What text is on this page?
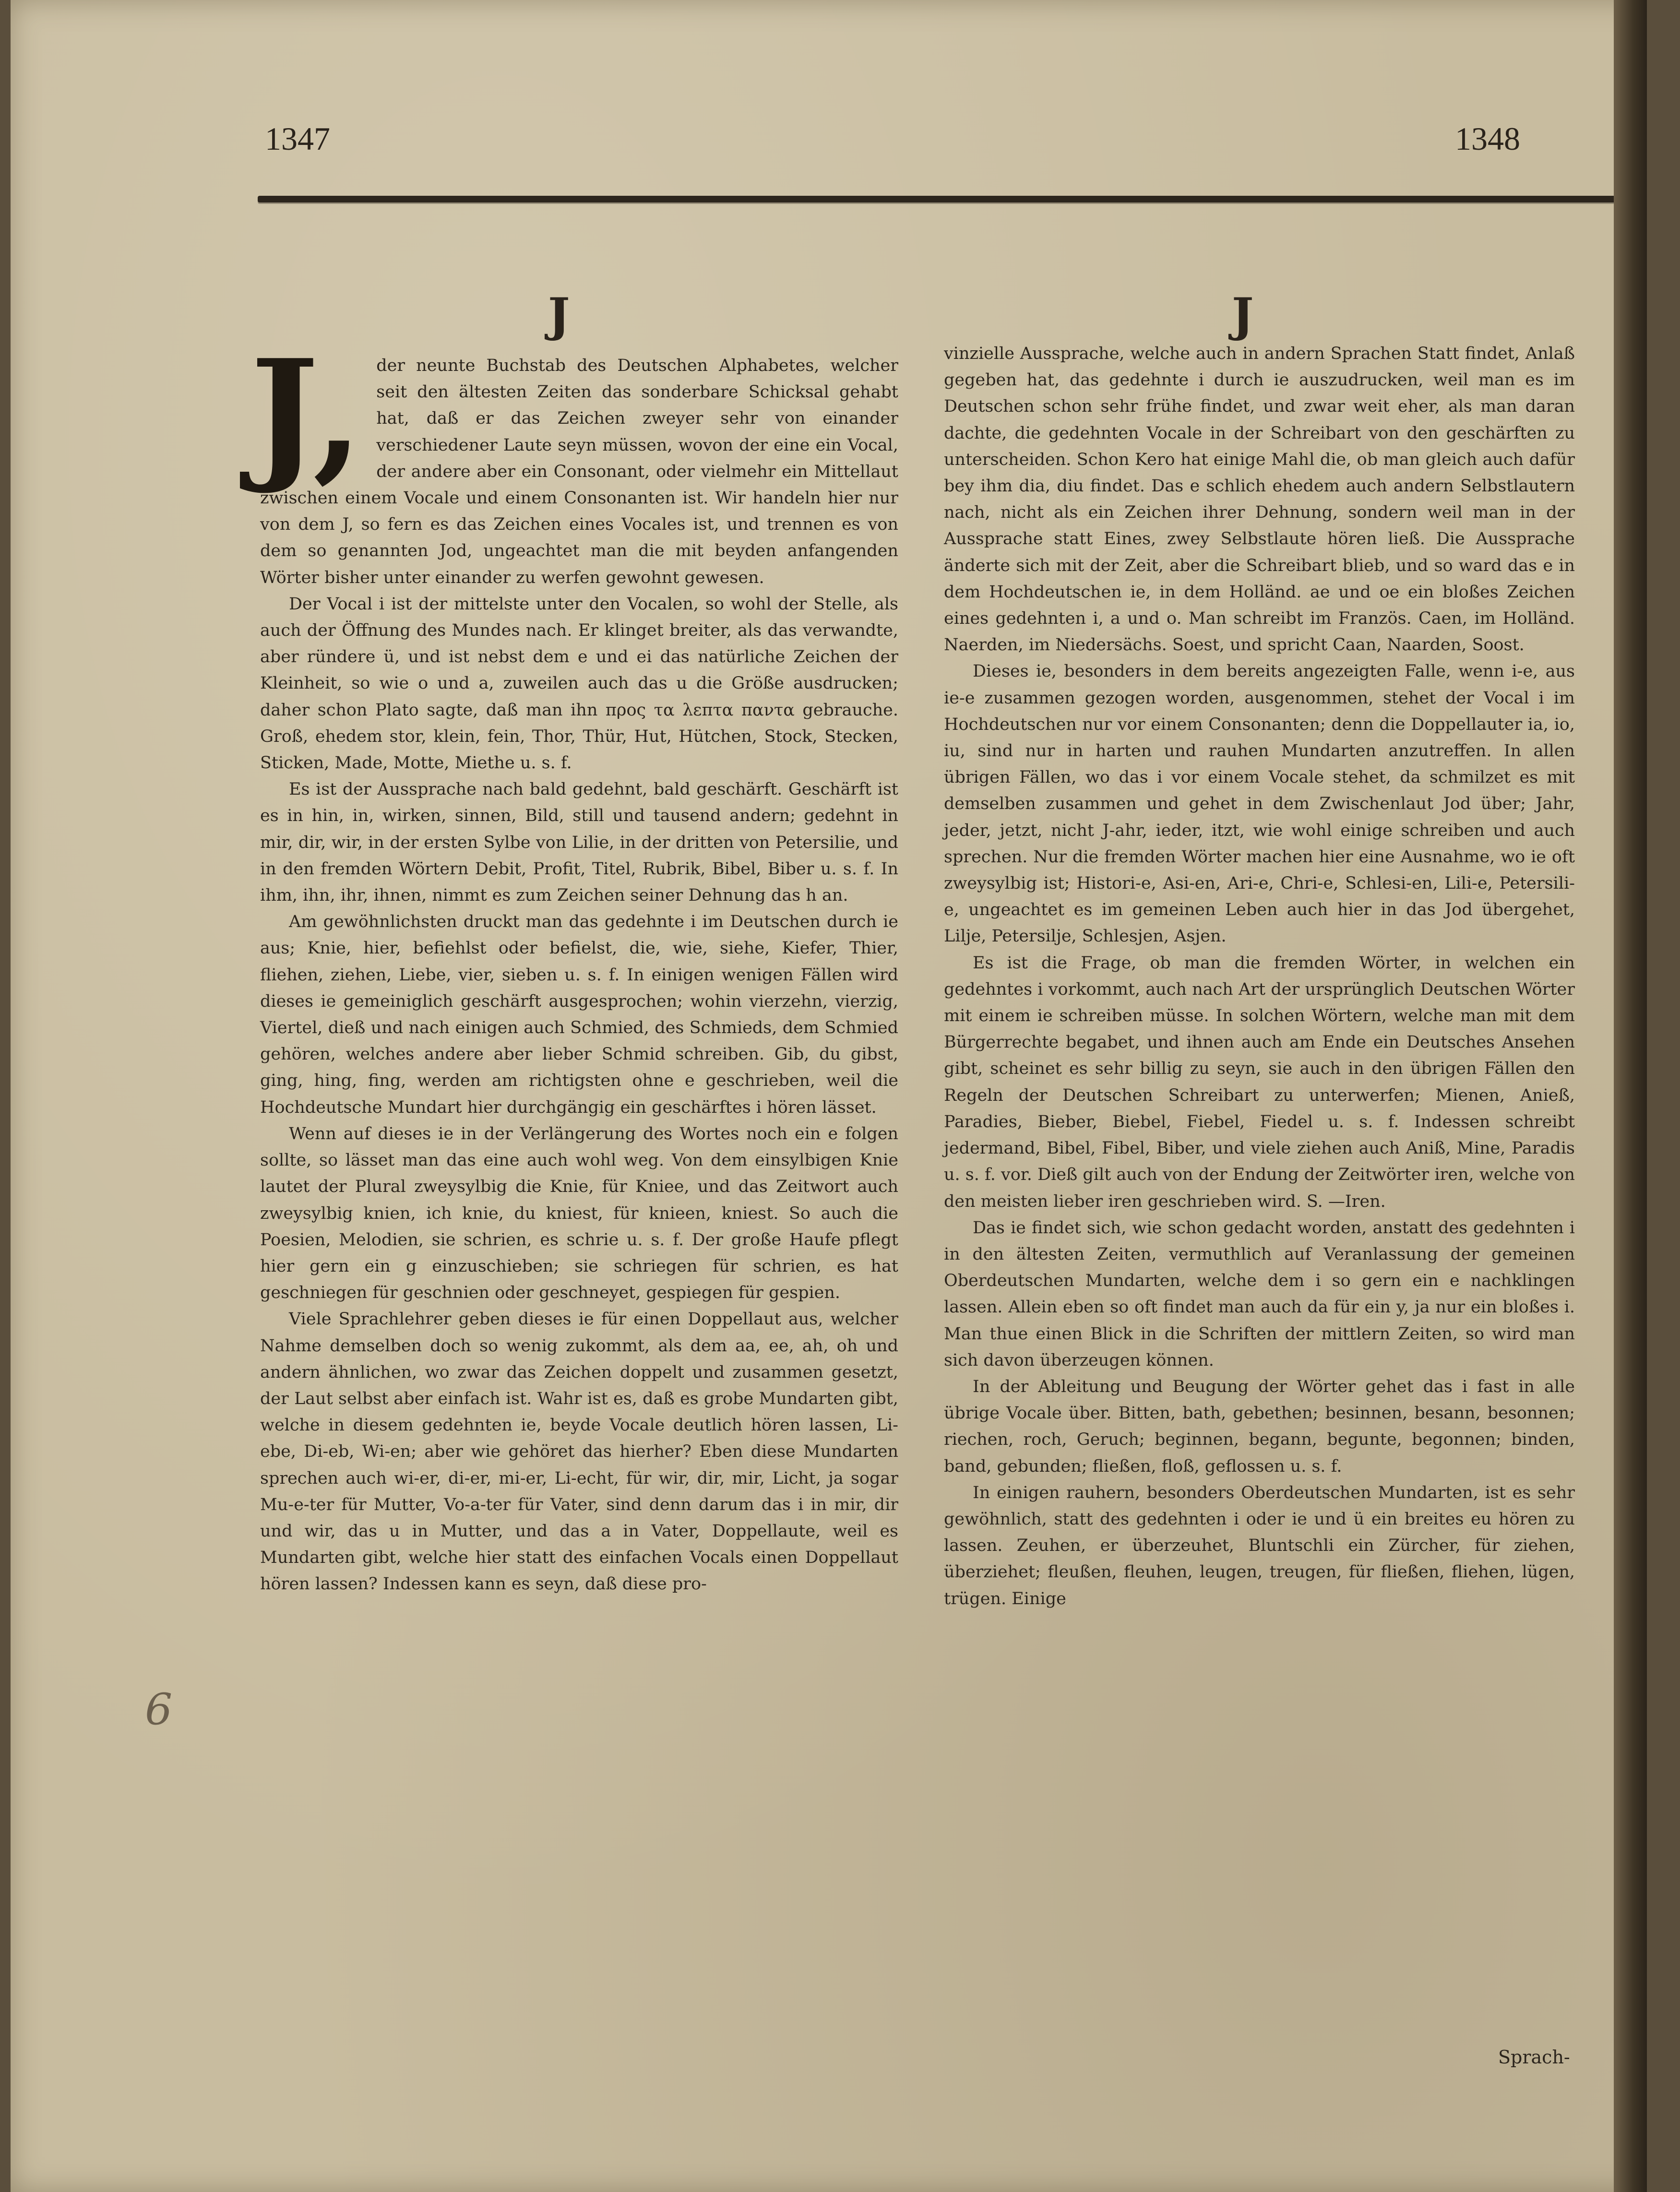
1347	1348
J	J

J, der neunte Buchstab des Deutschen Alphabetes, welcher seit den ältesten Zeiten das sonderbare Schicksal gehabt hat, daß er das Zeichen zweyer sehr von einander verschiedener Laute seyn müssen, wovon der eine ein Vocal, der andere aber ein Consonant, oder vielmehr ein Mittellaut zwischen einem Vocale und einem Consonanten ist. Wir handeln hier nur von dem J, so fern es das Zeichen eines Vocales ist, und trennen es von dem so genannten Jod, ungeachtet man die mit beyden anfangenden Wörter bisher unter einander zu werfen gewohnt gewesen.

Der Vocal i ist der mittelste unter den Vocalen, so wohl der Stelle, als auch der Öffnung des Mundes nach. Er klinget breiter, als das verwandte, aber ründere ü, und ist nebst dem e und ei das natürliche Zeichen der Kleinheit, so wie o und a, zuweilen auch das u die Größe ausdrucken; daher schon Plato sagte, daß man ihn προς τα λεπτα παντα gebrauche. Groß, ehedem stor, klein, fein, Thor, Thür, Hut, Hütchen, Stock, Stecken, Sticken, Made, Motte, Miethe u. s. f.

Es ist der Aussprache nach bald gedehnt, bald geschärft. Geschärft ist es in hin, in, wirken, sinnen, Bild, still und tausend andern; gedehnt in mir, dir, wir, in der ersten Sylbe von Lilie, in der dritten von Petersilie, und in den fremden Wörtern Debit, Profit, Titel, Rubrik, Bibel, Biber u. s. f. In ihm, ihn, ihr, ihnen, nimmt es zum Zeichen seiner Dehnung das h an.

Am gewöhnlichsten druckt man das gedehnte i im Deutschen durch ie aus; Knie, hier, befiehlst oder befielst, die, wie, siehe, Kiefer, Thier, fliehen, ziehen, Liebe, vier, sieben u. s. f. In einigen wenigen Fällen wird dieses ie gemeiniglich geschärft ausgesprochen; wohin vierzehn, vierzig, Viertel, dieß und nach einigen auch Schmied, des Schmieds, dem Schmied gehören, welches andere aber lieber Schmid schreiben. Gib, du gibst, ging, hing, fing, werden am richtigsten ohne e geschrieben, weil die Hochdeutsche Mundart hier durchgängig ein geschärftes i hören lässet.

Wenn auf dieses ie in der Verlängerung des Wortes noch ein e folgen sollte, so lässet man das eine auch wohl weg. Von dem einsylbigen Knie lautet der Plural zweysylbig die Knie, für Kniee, und das Zeitwort auch zweysylbig knien, ich knie, du kniest, für knieen, kniest. So auch die Poesien, Melodien, sie schrien, es schrie u. s. f. Der große Haufe pflegt hier gern ein g einzuschieben; sie schriegen für schrien, es hat geschniegen für geschnien oder geschneyet, gespiegen für gespien.

Viele Sprachlehrer geben dieses ie für einen Doppellaut aus, welcher Nahme demselben doch so wenig zukommt, als dem aa, ee, ah, oh und andern ähnlichen, wo zwar das Zeichen doppelt und zusammen gesetzt, der Laut selbst aber einfach ist. Wahr ist es, daß es grobe Mundarten gibt, welche in diesem gedehnten ie, beyde Vocale deutlich hören lassen, Li-ebe, Di-eb, Wi-en; aber wie gehöret das hierher? Eben diese Mundarten sprechen auch wi-er, di-er, mi-er, Li-echt, für wir, dir, mir, Licht, ja sogar Mu-e-ter für Mutter, Vo-a-ter für Vater, sind denn darum das i in mir, dir und wir, das u in Mutter, und das a in Vater, Doppellaute, weil es Mundarten gibt, welche hier statt des einfachen Vocals einen Doppellaut hören lassen? Indessen kann es seyn, daß diese pro-

vinzielle Aussprache, welche auch in andern Sprachen Statt findet, Anlaß gegeben hat, das gedehnte i durch ie auszudrucken, weil man es im Deutschen schon sehr frühe findet, und zwar weit eher, als man daran dachte, die gedehnten Vocale in der Schreibart von den geschärften zu unterscheiden. Schon Kero hat einige Mahl die, ob man gleich auch dafür bey ihm dia, diu findet. Das e schlich ehedem auch andern Selbstlautern nach, nicht als ein Zeichen ihrer Dehnung, sondern weil man in der Aussprache statt Eines, zwey Selbstlaute hören ließ. Die Aussprache änderte sich mit der Zeit, aber die Schreibart blieb, und so ward das e in dem Hochdeutschen ie, in dem Holländ. ae und oe ein bloßes Zeichen eines gedehnten i, a und o. Man schreibt im Französ. Caen, im Holländ. Naerden, im Niedersächs. Soest, und spricht Caan, Naarden, Soost.

Dieses ie, besonders in dem bereits angezeigten Falle, wenn i-e, aus ie-e zusammen gezogen worden, ausgenommen, stehet der Vocal i im Hochdeutschen nur vor einem Consonanten; denn die Doppellauter ia, io, iu, sind nur in harten und rauhen Mundarten anzutreffen. In allen übrigen Fällen, wo das i vor einem Vocale stehet, da schmilzet es mit demselben zusammen und gehet in dem Zwischenlaut Jod über; Jahr, jeder, jetzt, nicht J-ahr, ieder, itzt, wie wohl einige schreiben und auch sprechen. Nur die fremden Wörter machen hier eine Ausnahme, wo ie oft zweysylbig ist; Histori-e, Asi-en, Ari-e, Chri-e, Schlesi-en, Lili-e, Petersili-e, ungeachtet es im gemeinen Leben auch hier in das Jod übergehet, Lilje, Petersilje, Schlesjen, Asjen.

Es ist die Frage, ob man die fremden Wörter, in welchen ein gedehntes i vorkommt, auch nach Art der ursprünglich Deutschen Wörter mit einem ie schreiben müsse. In solchen Wörtern, welche man mit dem Bürgerrechte begabet, und ihnen auch am Ende ein Deutsches Ansehen gibt, scheinet es sehr billig zu seyn, sie auch in den übrigen Fällen den Regeln der Deutschen Schreibart zu unterwerfen; Mienen, Anieß, Paradies, Bieber, Biebel, Fiebel, Fiedel u. s. f. Indessen schreibt jedermand, Bibel, Fibel, Biber, und viele ziehen auch Aniß, Mine, Paradis u. s. f. vor. Dieß gilt auch von der Endung der Zeitwörter iren, welche von den meisten lieber iren geschrieben wird. S. —Iren.

Das ie findet sich, wie schon gedacht worden, anstatt des gedehnten i in den ältesten Zeiten, vermuthlich auf Veranlassung der gemeinen Oberdeutschen Mundarten, welche dem i so gern ein e nachklingen lassen. Allein eben so oft findet man auch da für ein y, ja nur ein bloßes i. Man thue einen Blick in die Schriften der mittlern Zeiten, so wird man sich davon überzeugen können.

In der Ableitung und Beugung der Wörter gehet das i fast in alle übrige Vocale über. Bitten, bath, gebethen; besinnen, besann, besonnen; riechen, roch, Geruch; beginnen, begann, begunte, begonnen; binden, band, gebunden; fließen, floß, geflossen u. s. f.

In einigen rauhern, besonders Oberdeutschen Mundarten, ist es sehr gewöhnlich, statt des gedehnten i oder ie und ü ein breites eu hören zu lassen. Zeuhen, er überzeuhet, Bluntschli ein Zürcher, für ziehen, überziehet; fleußen, fleuhen, leugen, treugen, für fließen, fliehen, lügen, trügen. Einige

Sprach-
6
